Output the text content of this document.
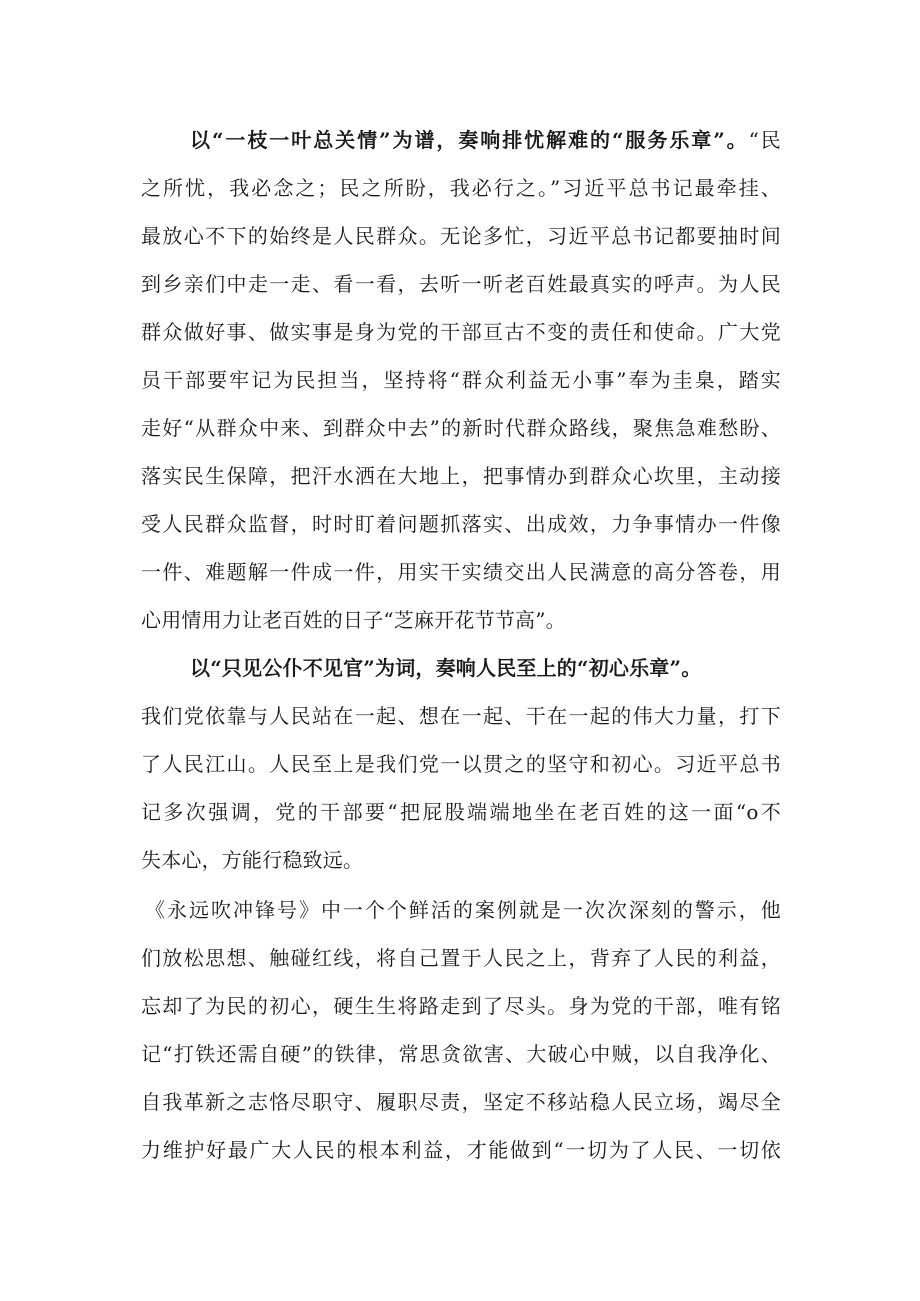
以“一枝一叶总关情”为谱，奏响排忧解难的“服务乐章”。“民
之所忧，我必念之；民之所盼，我必行之。”习近平总书记最牵挂、
最放心不下的始终是人民群众。无论多忙，习近平总书记都要抽时间
到乡亲们中走一走、看一看，去听一听老百姓最真实的呼声。为人民
群众做好事、做实事是身为党的干部亘古不变的责任和使命。广大党
员干部要牢记为民担当，坚持将“群众利益无小事”奉为圭臬，踏实
走好“从群众中来、到群众中去”的新时代群众路线，聚焦急难愁盼、
落实民生保障，把汗水洒在大地上，把事情办到群众心坎里，主动接
受人民群众监督，时时盯着问题抓落实、出成效，力争事情办一件像
一件、难题解一件成一件，用实干实绩交出人民满意的高分答卷，用
心用情用力让老百姓的日子“芝麻开花节节高”。
以“只见公仆不见官”为词，奏响人民至上的“初心乐章”。
我们党依靠与人民站在一起、想在一起、干在一起的伟大力量，打下
了人民江山。人民至上是我们党一以贯之的坚守和初心。习近平总书
记多次强调，党的干部要“把屁股端端地坐在老百姓的这一面“o不
失本心，方能行稳致远。
《永远吹冲锋号》中一个个鲜活的案例就是一次次深刻的警示，他
们放松思想、触碰红线，将自己置于人民之上，背弃了人民的利益，
忘却了为民的初心，硬生生将路走到了尽头。身为党的干部，唯有铭
记“打铁还需自硬”的铁律，常思贪欲害、大破心中贼，以自我净化、
自我革新之志恪尽职守、履职尽责，坚定不移站稳人民立场，竭尽全
力维护好最广大人民的根本利益，才能做到“一切为了人民、一切依
